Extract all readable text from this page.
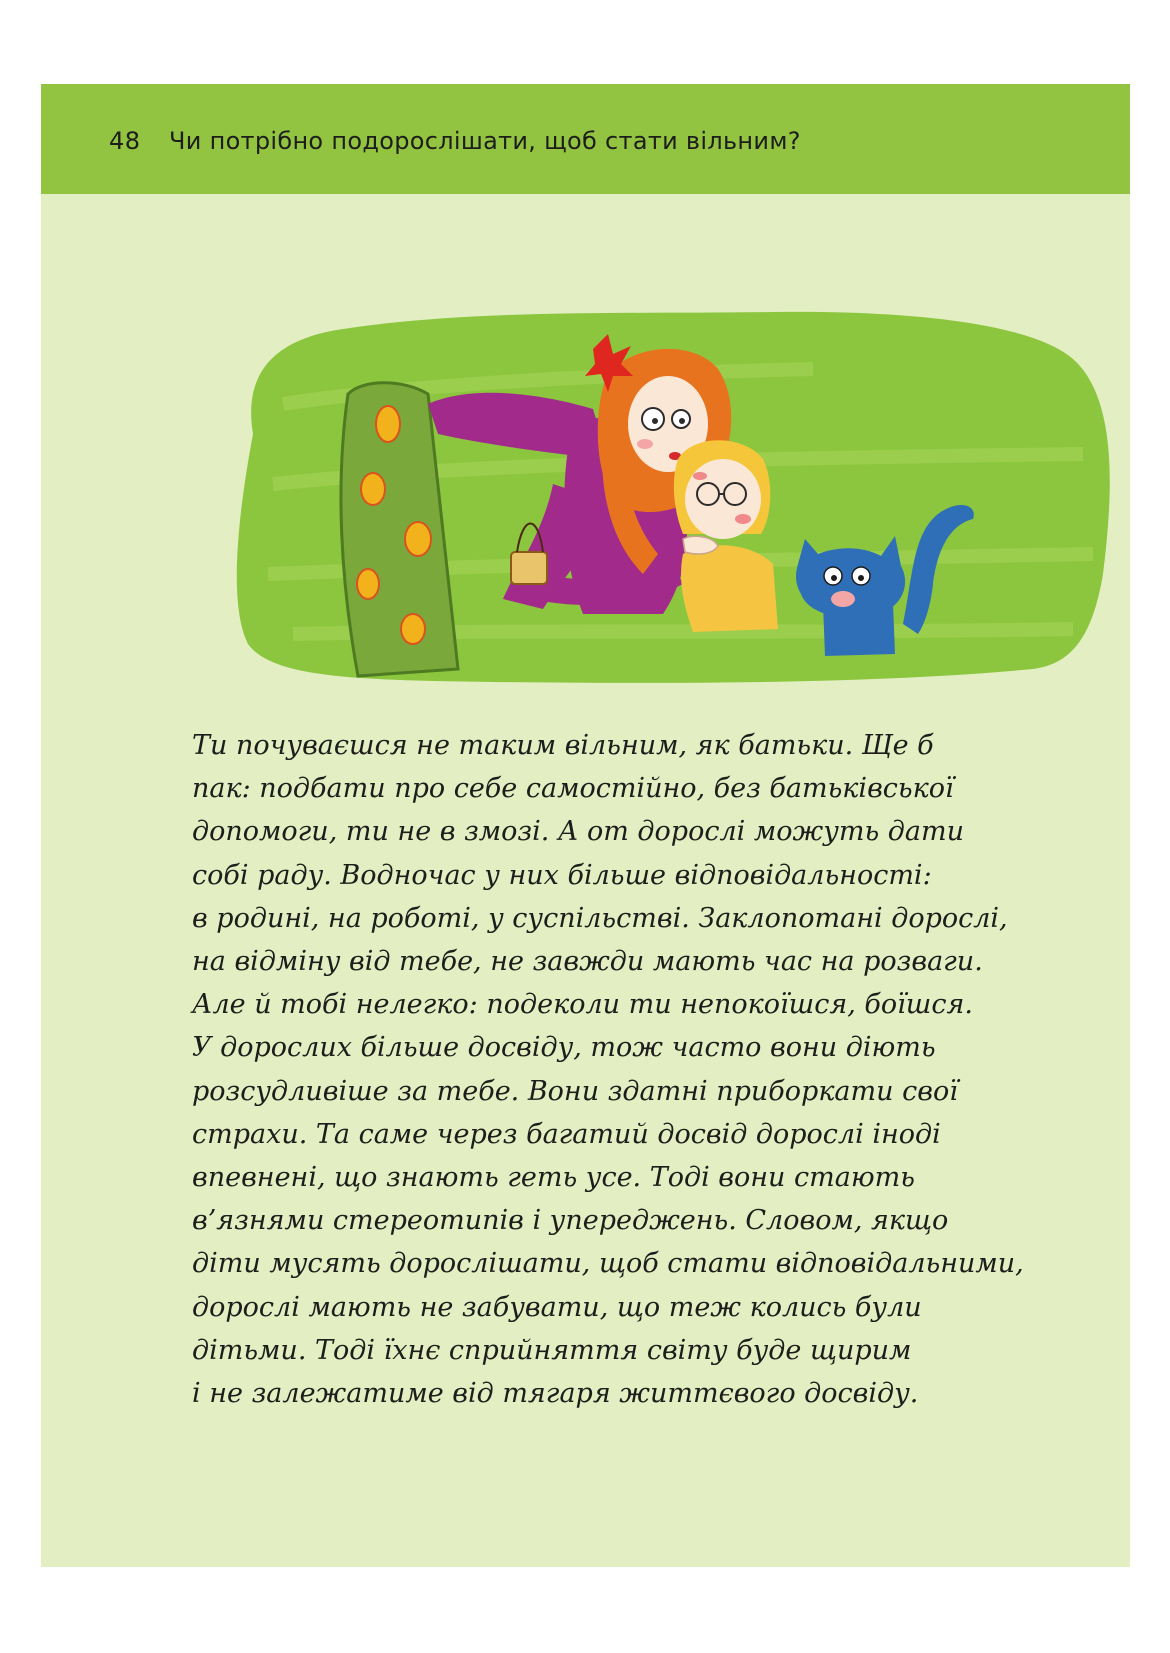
48 Чи потрібно подорослішати, щоб стати вільним?
Ти почуваєшся не таким вільним, як батьки. Ще б
пак: подбати про себе самостійно, без батьківської
допомоги, ти не в змозі. А от дорослі можуть дати
собі раду. Водночас у них більше відповідальності:
в родині, на роботі, у суспільстві. Заклопотані дорослі,
на відміну від тебе, не завжди мають час на розваги.
Але й тобі нелегко: подеколи ти непокоїшся, боїшся.
У дорослих більше досвіду, тож часто вони діють
розсудливіше за тебе. Вони здатні приборкати свої
страхи. Та саме через багатий досвід дорослі іноді
впевнені, що знають геть усе. Тоді вони стають
в’язнями стереотипів і упереджень. Словом, якщо
діти мусять дорослішати, щоб стати відповідальними,
дорослі мають не забувати, що теж колись були
дітьми. Тоді їхнє сприйняття світу буде щирим
і не залежатиме від тягаря життєвого досвіду.
